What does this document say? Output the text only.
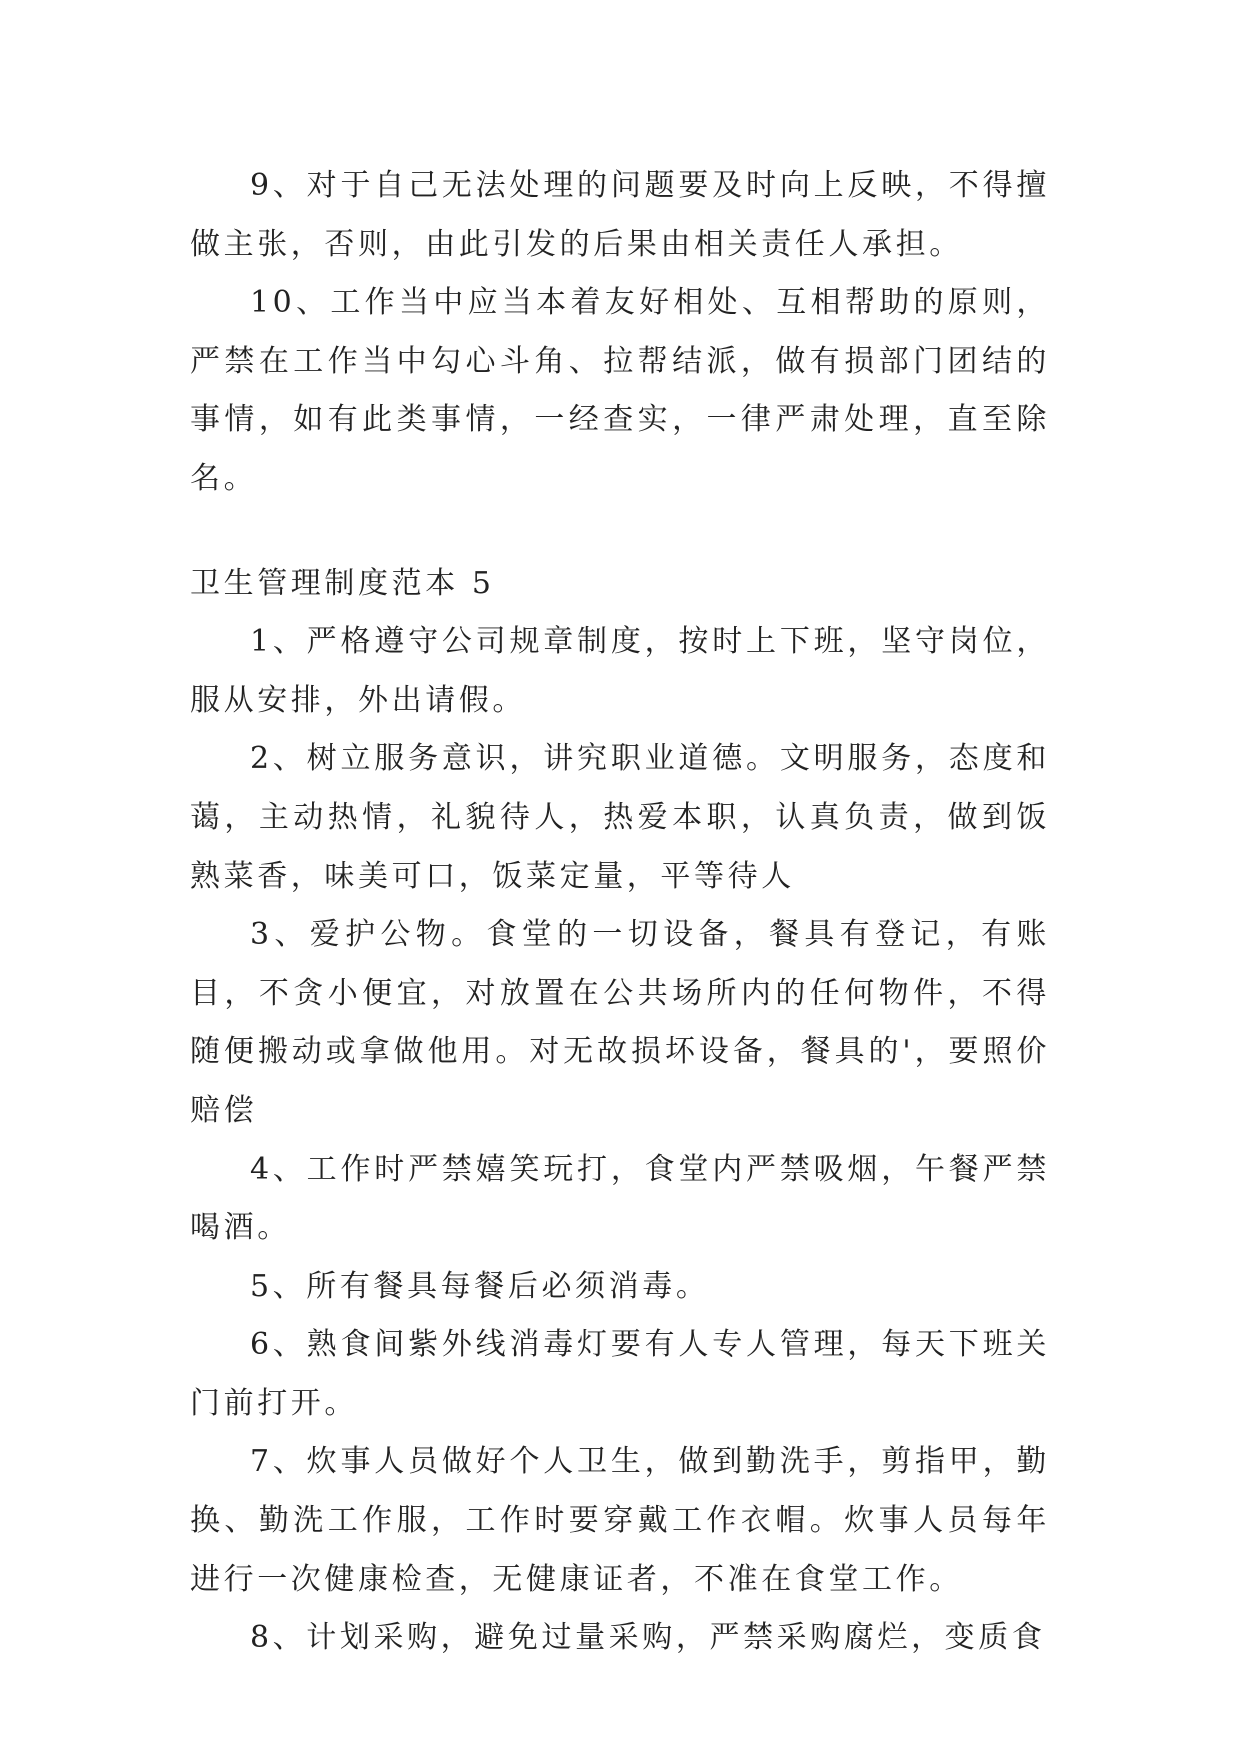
9、对于自己无法处理的问题要及时向上反映，不得擅做主张，否则，由此引发的后果由相关责任人承担。

10、工作当中应当本着友好相处、互相帮助的原则，严禁在工作当中勾心斗角、拉帮结派，做有损部门团结的事情，如有此类事情，一经查实，一律严肃处理，直至除名。

卫生管理制度范本 5

1、严格遵守公司规章制度，按时上下班，坚守岗位，服从安排，外出请假。

2、树立服务意识，讲究职业道德。文明服务，态度和蔼，主动热情，礼貌待人，热爱本职，认真负责，做到饭熟菜香，味美可口，饭菜定量，平等待人

3、爱护公物。食堂的一切设备，餐具有登记，有账目，不贪小便宜，对放置在公共场所内的任何物件，不得随便搬动或拿做他用。对无故损坏设备，餐具的'，要照价赔偿

4、工作时严禁嬉笑玩打，食堂内严禁吸烟，午餐严禁喝酒。

5、所有餐具每餐后必须消毒。

6、熟食间紫外线消毒灯要有人专人管理，每天下班关门前打开。

7、炊事人员做好个人卫生，做到勤洗手，剪指甲，勤换、勤洗工作服，工作时要穿戴工作衣帽。炊事人员每年进行一次健康检查，无健康证者，不准在食堂工作。

8、计划采购，避免过量采购，严禁采购腐烂，变质食
